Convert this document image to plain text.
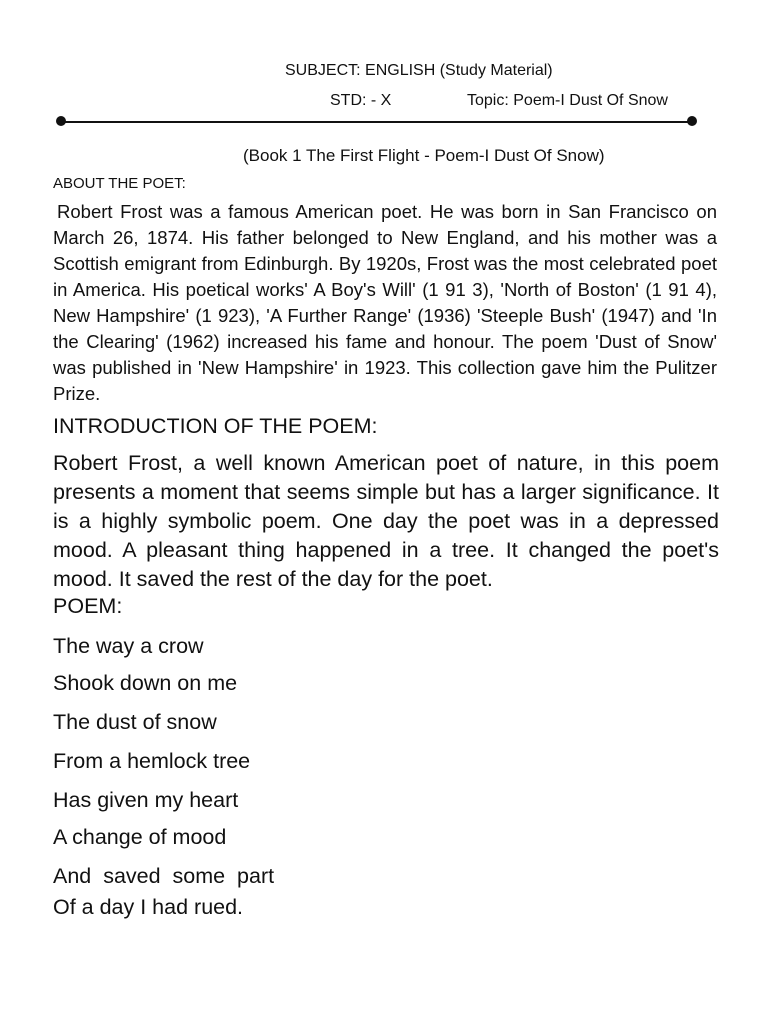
SUBJECT: ENGLISH (Study Material)
STD: - X	Topic: Poem-I Dust Of Snow
(Book 1 The First Flight - Poem-I Dust Of Snow)
ABOUT THE POET:
Robert Frost was a famous American poet. He was born in San Francisco on March 26, 1874. His father belonged to New England, and his mother was a Scottish emigrant from Edinburgh. By 1920s, Frost was the most celebrated poet in America. His poetical works' A Boy's Will' (1 91 3), 'North of Boston' (1 91 4), New Hampshire' (1 923), 'A Further Range' (1936) 'Steeple Bush' (1947) and 'In the Clearing' (1962) increased his fame and honour. The poem 'Dust of Snow' was published in 'New Hampshire' in 1923. This collection gave him the Pulitzer Prize.
INTRODUCTION OF THE POEM:
Robert Frost, a well known American poet of nature, in this poem presents a moment that seems simple but has a larger significance. It is a highly symbolic poem. One day the poet was in a depressed mood. A pleasant thing happened in a tree. It changed the poet's mood. It saved the rest of the day for the poet.
POEM:
The way a crow
Shook down on me
The dust of snow
From a hemlock tree
Has given my heart
A change of mood
And  saved  some  part
Of a day I had rued.
